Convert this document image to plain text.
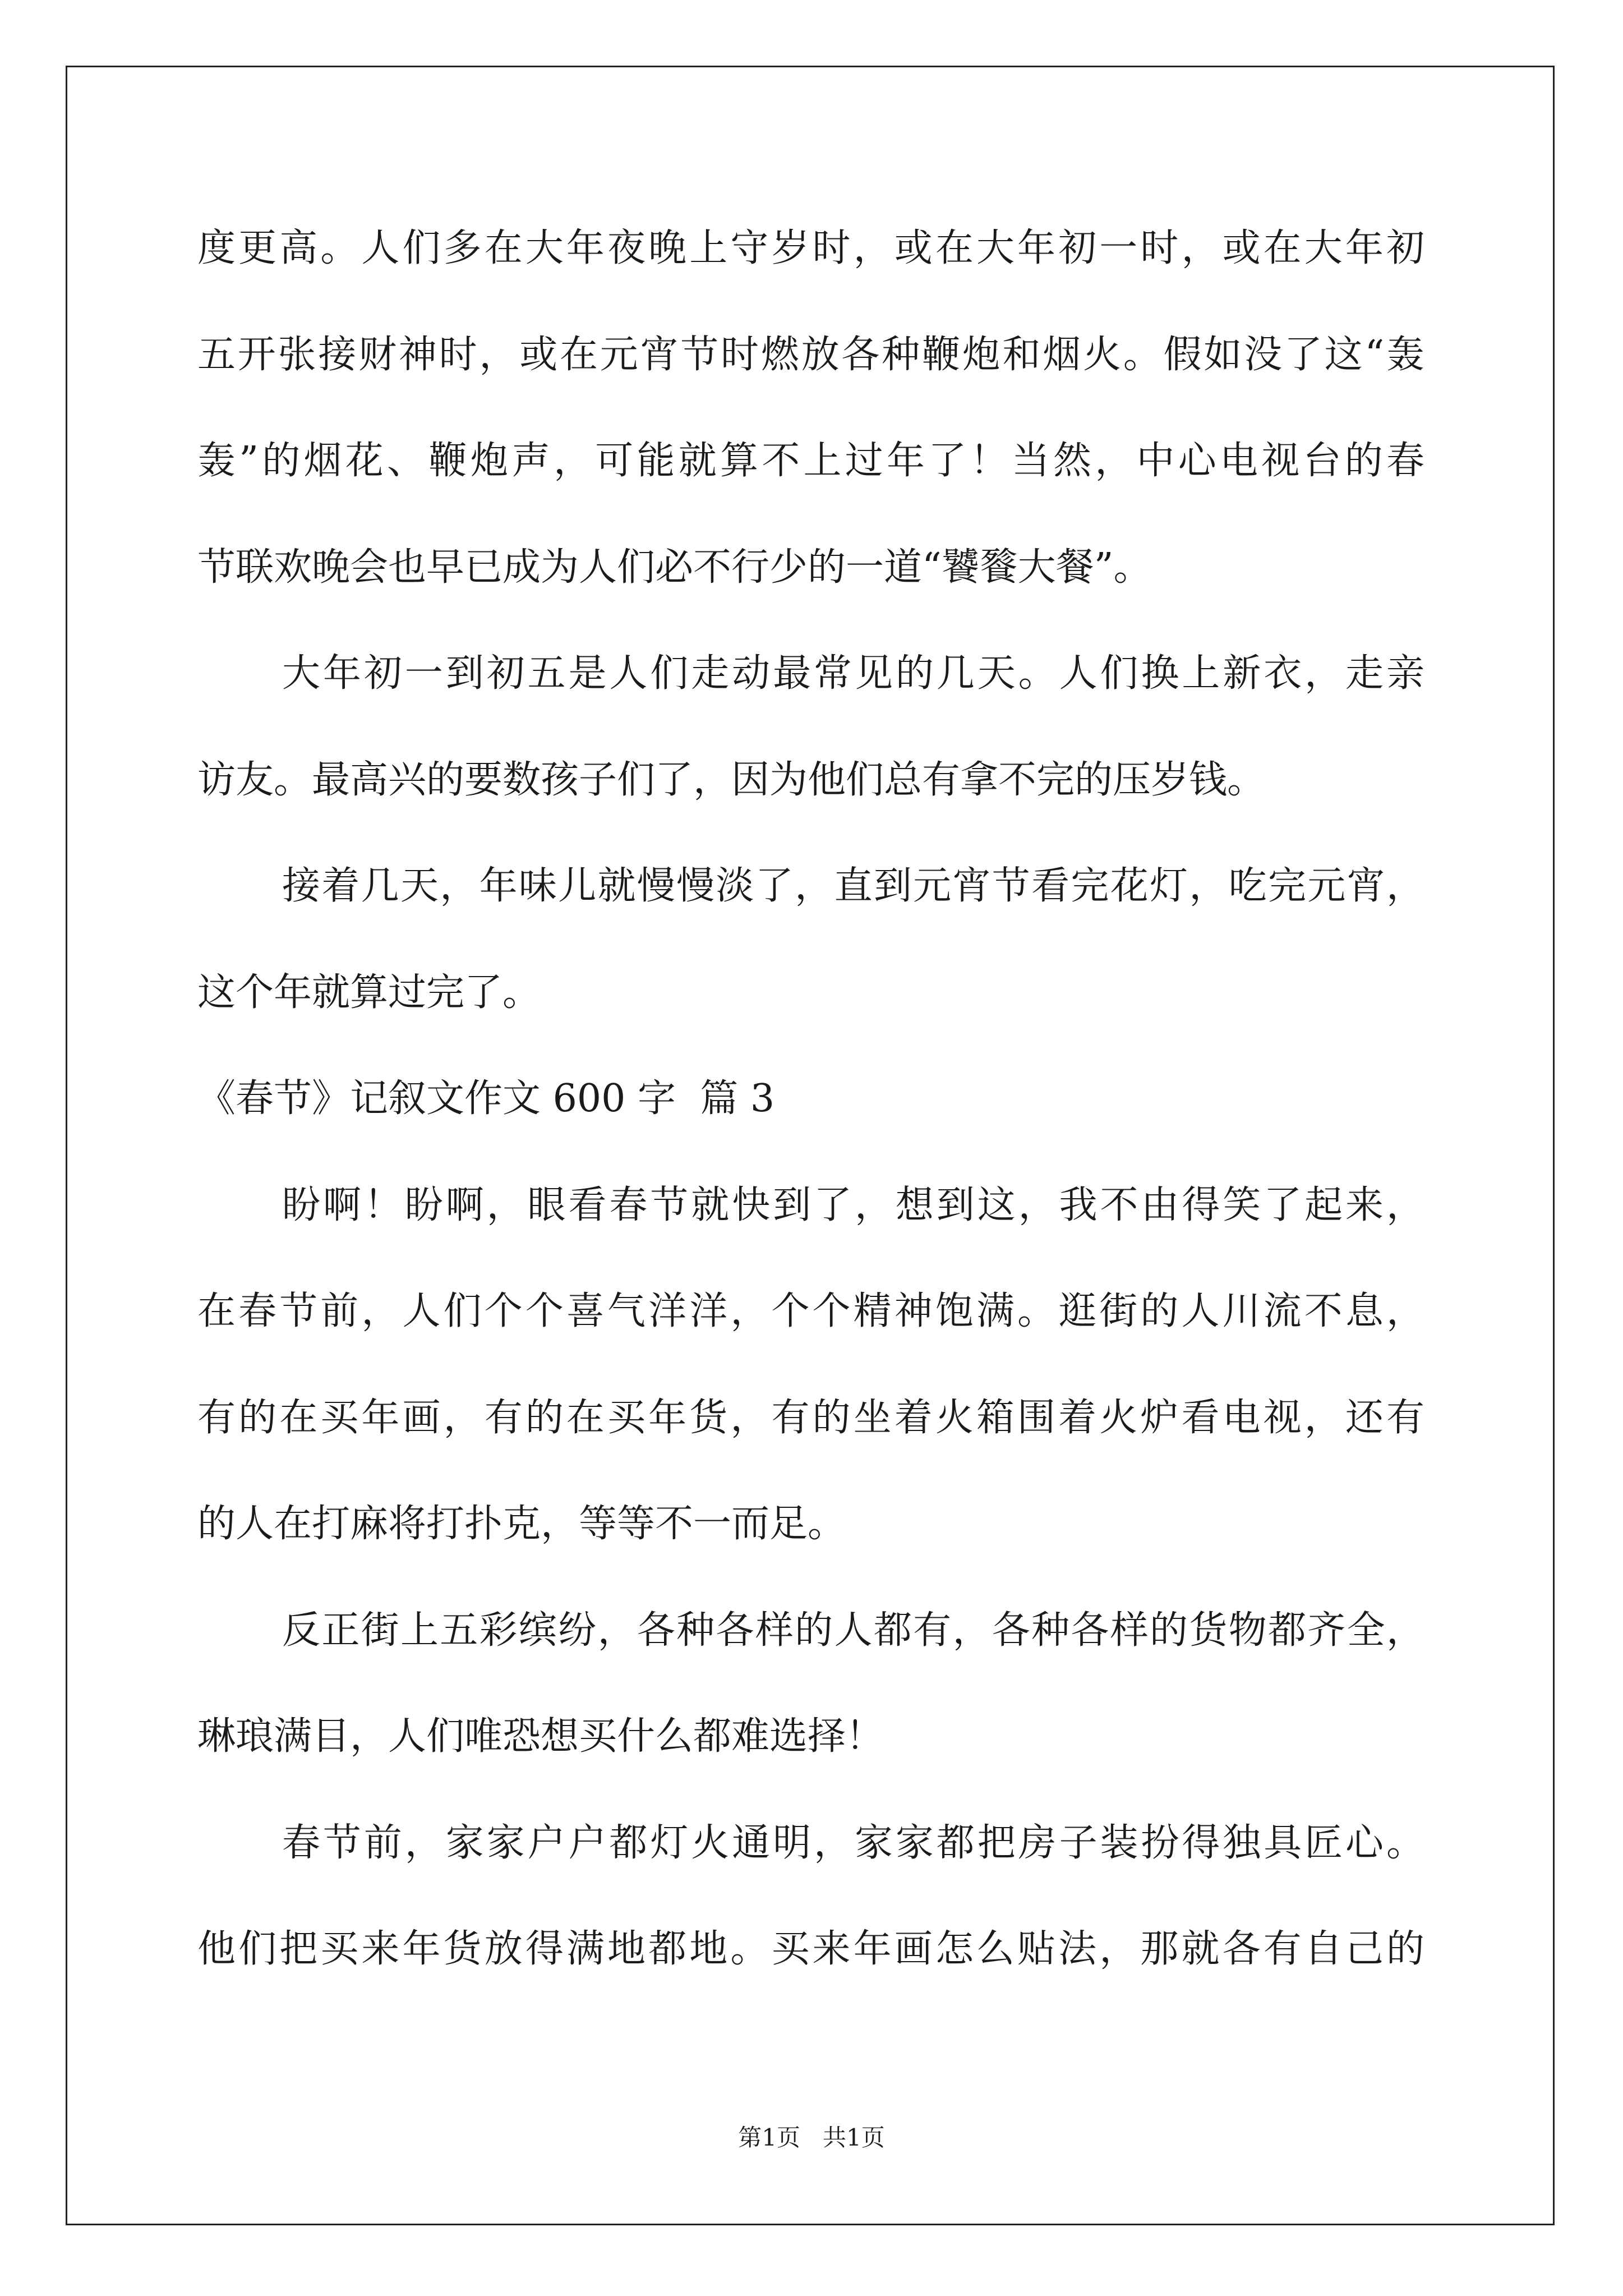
度更高。人们多在大年夜晚上守岁时，或在大年初一时，或在大年初
五开张接财神时，或在元宵节时燃放各种鞭炮和烟火。假如没了这“轰
轰”的烟花、鞭炮声，可能就算不上过年了！当然，中心电视台的春
节联欢晚会也早已成为人们必不行少的一道“饕餮大餐”。
大年初一到初五是人们走动最常见的几天。人们换上新衣，走亲
访友。最高兴的要数孩子们了，因为他们总有拿不完的压岁钱。
接着几天，年味儿就慢慢淡了，直到元宵节看完花灯，吃完元宵，
这个年就算过完了。
《春节》记叙文作文 600 字  篇 3
盼啊！盼啊，眼看春节就快到了，想到这，我不由得笑了起来，
在春节前，人们个个喜气洋洋，个个精神饱满。逛街的人川流不息，
有的在买年画，有的在买年货，有的坐着火箱围着火炉看电视，还有
的人在打麻将打扑克，等等不一而足。
反正街上五彩缤纷，各种各样的人都有，各种各样的货物都齐全，
琳琅满目，人们唯恐想买什么都难选择！
春节前，家家户户都灯火通明，家家都把房子装扮得独具匠心。
他们把买来年货放得满地都地。买来年画怎么贴法，那就各有自己的
第1页   共1页
